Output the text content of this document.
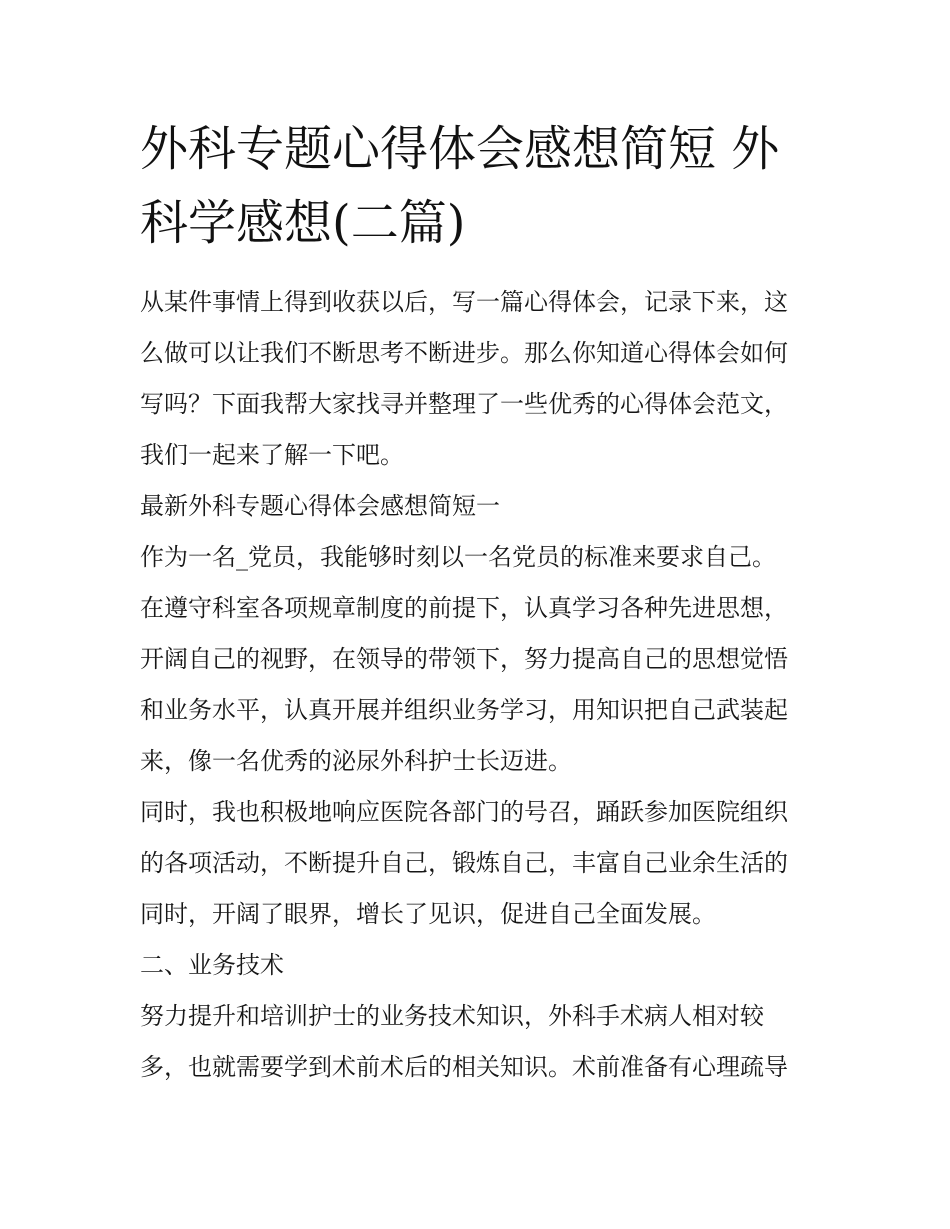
外科专题心得体会感想简短 外
科学感想(二篇)
从某件事情上得到收获以后，写一篇心得体会，记录下来，这
么做可以让我们不断思考不断进步。那么你知道心得体会如何
写吗？下面我帮大家找寻并整理了一些优秀的心得体会范文，
我们一起来了解一下吧。
最新外科专题心得体会感想简短一
作为一名_党员，我能够时刻以一名党员的标准来要求自己。
在遵守科室各项规章制度的前提下，认真学习各种先进思想，
开阔自己的视野，在领导的带领下，努力提高自己的思想觉悟
和业务水平，认真开展并组织业务学习，用知识把自己武装起
来，像一名优秀的泌尿外科护士长迈进。
同时，我也积极地响应医院各部门的号召，踊跃参加医院组织
的各项活动，不断提升自己，锻炼自己，丰富自己业余生活的
同时，开阔了眼界，增长了见识，促进自己全面发展。
二、业务技术
努力提升和培训护士的业务技术知识，外科手术病人相对较
多，也就需要学到术前术后的相关知识。术前准备有心理疏导
